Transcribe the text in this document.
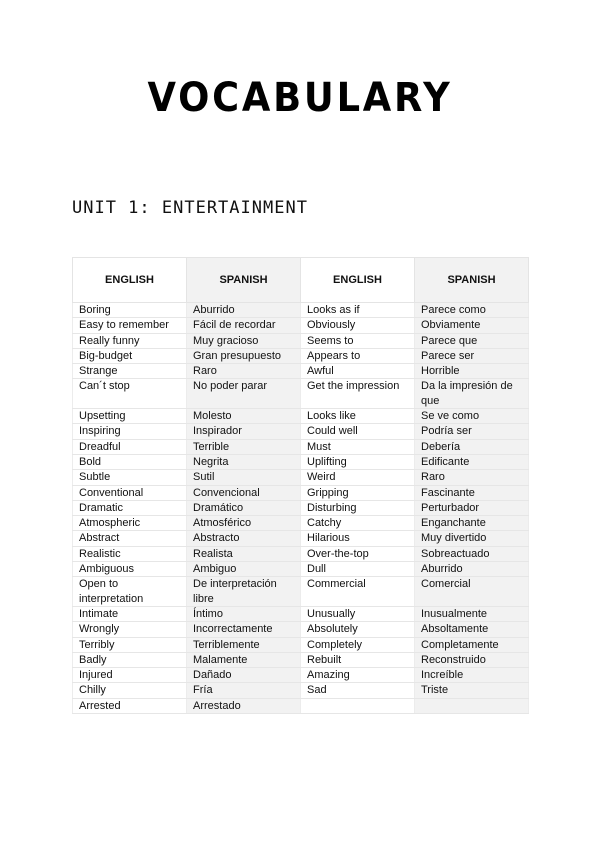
VOCABULARY
UNIT 1: ENTERTAINMENT
ENGLISH	SPANISH	ENGLISH	SPANISH
Boring	Aburrido	Looks as if	Parece como
Easy to remember	Fácil de recordar	Obviously	Obviamente
Really funny	Muy gracioso	Seems to	Parece que
Big-budget	Gran presupuesto	Appears to	Parece ser
Strange	Raro	Awful	Horrible
Can´t stop	No poder parar	Get the impression	Da la impresión de que
Upsetting	Molesto	Looks like	Se ve como
Inspiring	Inspirador	Could well	Podría ser
Dreadful	Terrible	Must	Debería
Bold	Negrita	Uplifting	Edificante
Subtle	Sutil	Weird	Raro
Conventional	Convencional	Gripping	Fascinante
Dramatic	Dramático	Disturbing	Perturbador
Atmospheric	Atmosférico	Catchy	Enganchante
Abstract	Abstracto	Hilarious	Muy divertido
Realistic	Realista	Over-the-top	Sobreactuado
Ambiguous	Ambiguo	Dull	Aburrido
Open to interpretation	De interpretación libre	Commercial	Comercial
Intimate	Íntimo	Unusually	Inusualmente
Wrongly	Incorrectamente	Absolutely	Absoltamente
Terribly	Terriblemente	Completely	Completamente
Badly	Malamente	Rebuilt	Reconstruido
Injured	Dañado	Amazing	Increíble
Chilly	Fría	Sad	Triste
Arrested	Arrestado		
